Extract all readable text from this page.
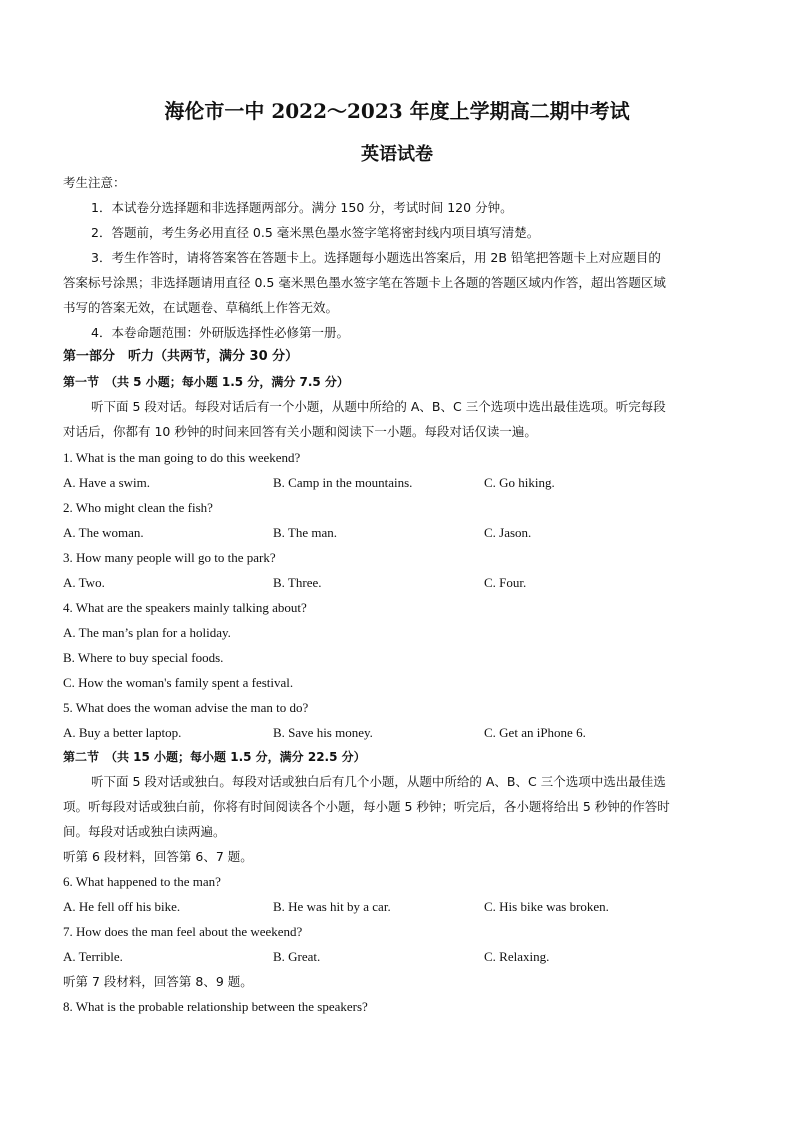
海伦市一中 2022～2023 年度上学期高二期中考试
英语试卷
考生注意：
1．本试卷分选择题和非选择题两部分。满分 150 分，考试时间 120 分钟。
2．答题前，考生务必用直径 0.5 毫米黑色墨水签字笔将密封线内项目填写清楚。
3．考生作答时，请将答案答在答题卡上。选择题每小题选出答案后，用 2B 铅笔把答题卡上对应题目的
答案标号涂黑；非选择题请用直径 0.5 毫米黑色墨水签字笔在答题卡上各题的答题区域内作答，超出答题区域
书写的答案无效，在试题卷、草稿纸上作答无效。
4．本卷命题范围：外研版选择性必修第一册。
第一部分　听力（共两节，满分 30 分）
第一节　（共 5 小题；每小题 1.5 分，满分 7.5 分）
听下面 5 段对话。每段对话后有一个小题，从题中所给的 A、B、C 三个选项中选出最佳选项。听完每段
对话后，你都有 10 秒钟的时间来回答有关小题和阅读下一小题。每段对话仅读一遍。
1. What is the man going to do this weekend?
A. Have a swim.	B. Camp in the mountains.	C. Go hiking.
2. Who might clean the fish?
A. The woman.	B. The man.	C. Jason.
3. How many people will go to the park?
A. Two.	B. Three.	C. Four.
4. What are the speakers mainly talking about?
A. The man’s plan for a holiday.
B. Where to buy special foods.
C. How the woman's family spent a festival.
5. What does the woman advise the man to do?
A. Buy a better laptop.	B. Save his money.	C. Get an iPhone 6.
第二节　（共 15 小题；每小题 1.5 分，满分 22.5 分）
听下面 5 段对话或独白。每段对话或独白后有几个小题，从题中所给的 A、B、C 三个选项中选出最佳选
项。听每段对话或独白前，你将有时间阅读各个小题，每小题 5 秒钟；听完后，各小题将给出 5 秒钟的作答时
间。每段对话或独白读两遍。
听第 6 段材料，回答第 6、7 题。
6. What happened to the man?
A. He fell off his bike.	B. He was hit by a car.	C. His bike was broken.
7. How does the man feel about the weekend?
A. Terrible.	B. Great.	C. Relaxing.
听第 7 段材料，回答第 8、9 题。
8. What is the probable relationship between the speakers?
